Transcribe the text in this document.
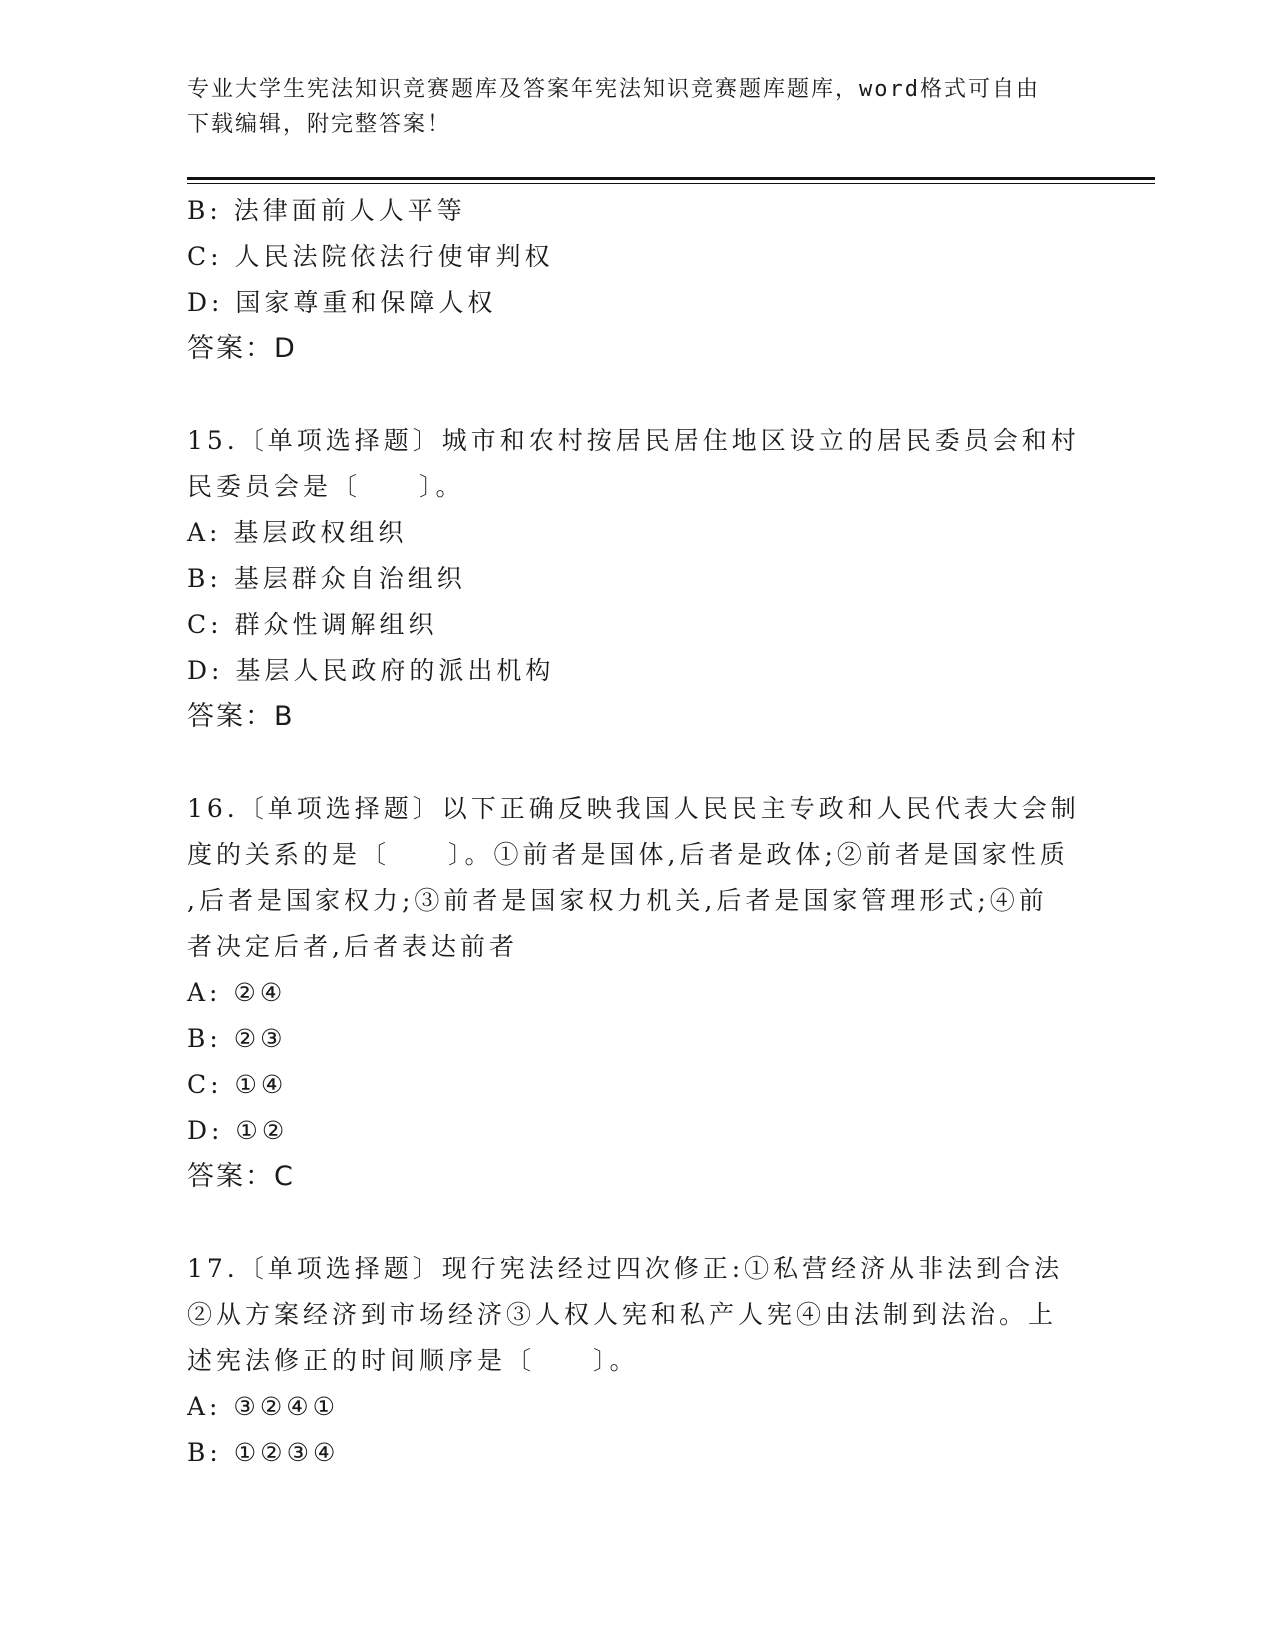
专业大学生宪法知识竞赛题库及答案年宪法知识竞赛题库题库，word格式可自由
下载编辑，附完整答案！
B: 法律面前人人平等
C: 人民法院依法行使审判权
D: 国家尊重和保障人权
答案：D
15.〔单项选择题〕城市和农村按居民居住地区设立的居民委员会和村
民委员会是〔　　〕。
A: 基层政权组织
B: 基层群众自治组织
C: 群众性调解组织
D: 基层人民政府的派出机构
答案：B
16.〔单项选择题〕以下正确反映我国人民民主专政和人民代表大会制
度的关系的是〔　　〕。①前者是国体,后者是政体;②前者是国家性质
,后者是国家权力;③前者是国家权力机关,后者是国家管理形式;④前
者决定后者,后者表达前者
A: ②④
B: ②③
C: ①④
D: ①②
答案：C
17.〔单项选择题〕现行宪法经过四次修正:①私营经济从非法到合法
②从方案经济到市场经济③人权人宪和私产人宪④由法制到法治。上
述宪法修正的时间顺序是〔　　〕。
A: ③②④①
B: ①②③④
